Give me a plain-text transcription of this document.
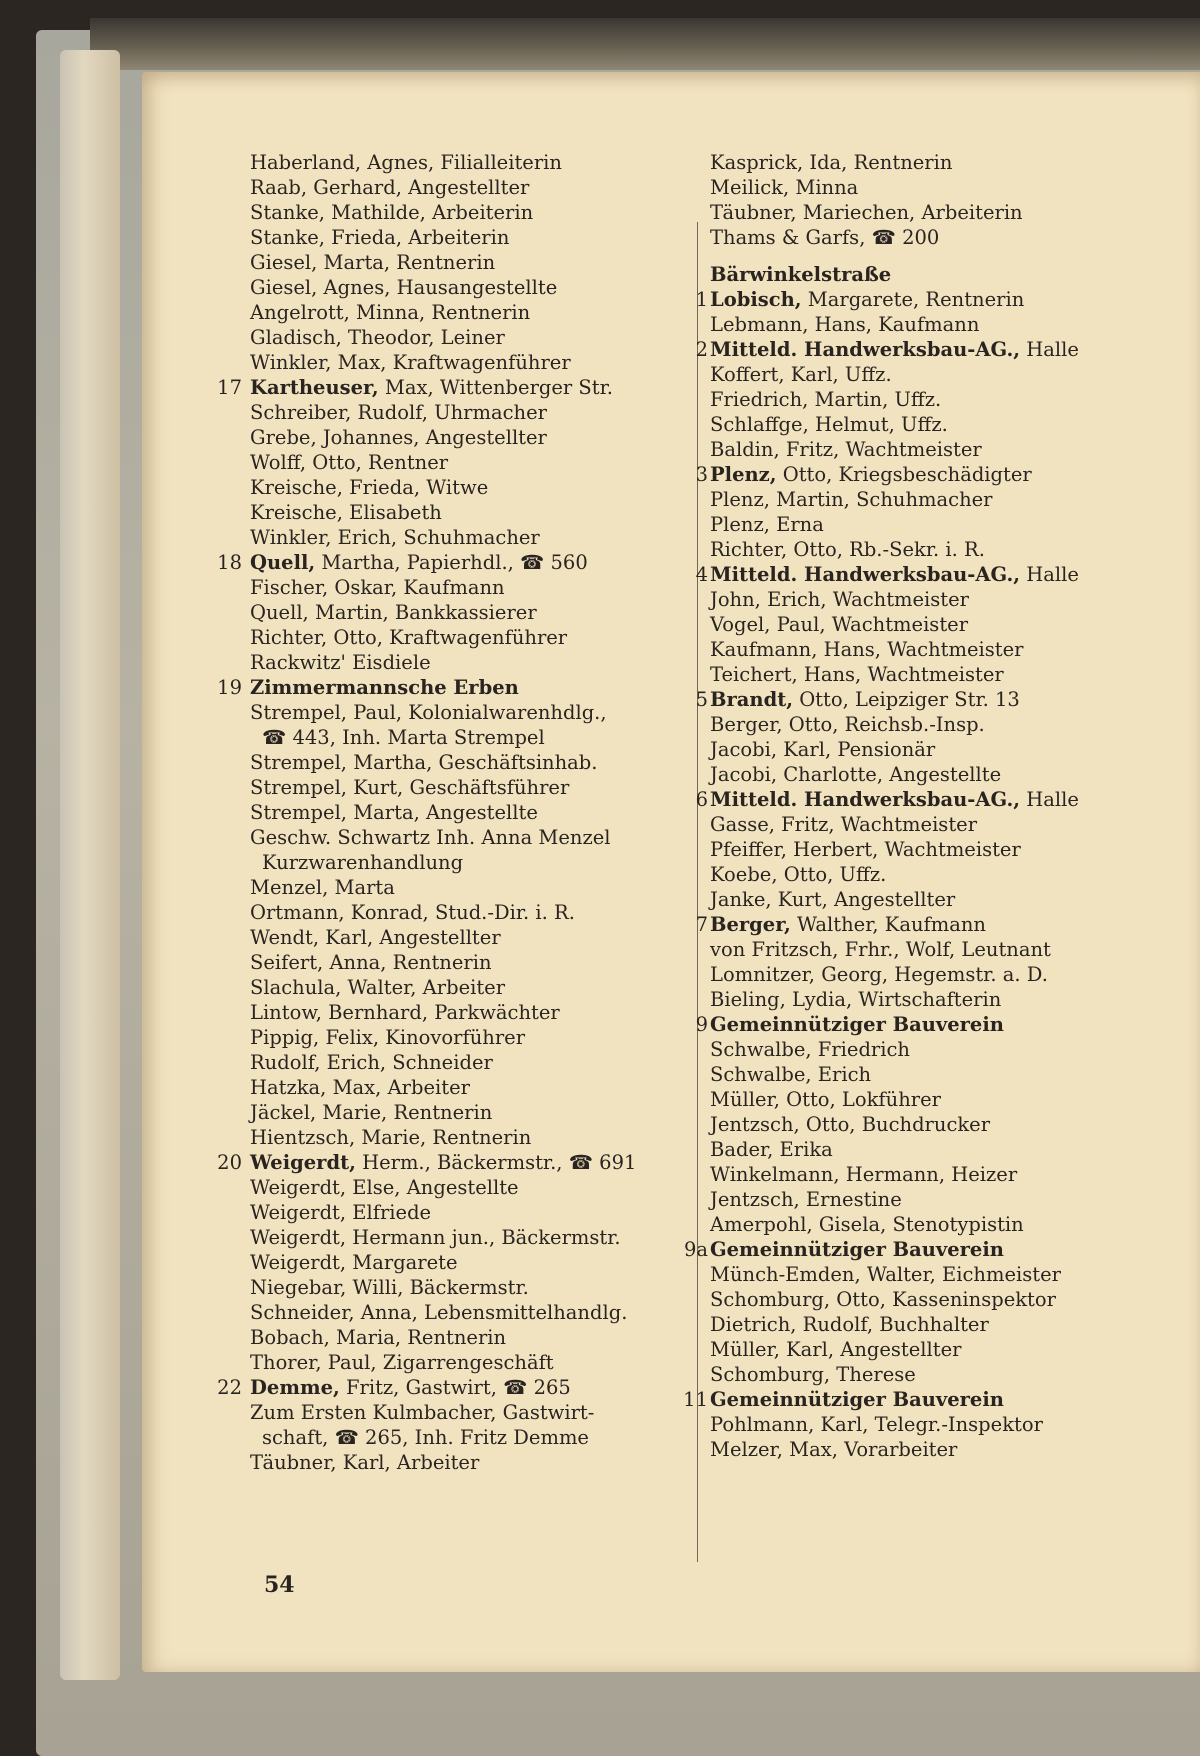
Haberland, Agnes, Filialleiterin
Raab, Gerhard, Angestellter
Stanke, Mathilde, Arbeiterin
Stanke, Frieda, Arbeiterin
Giesel, Marta, Rentnerin
Giesel, Agnes, Hausangestellte
Angelrott, Minna, Rentnerin
Gladisch, Theodor, Leiner
Winkler, Max, Kraftwagenführer
17 Kartheuser, Max, Wittenberger Str.
Schreiber, Rudolf, Uhrmacher
Grebe, Johannes, Angestellter
Wolff, Otto, Rentner
Kreische, Frieda, Witwe
Kreische, Elisabeth
Winkler, Erich, Schuhmacher
18 Quell, Martha, Papierhdl., ☎ 560
Fischer, Oskar, Kaufmann
Quell, Martin, Bankkassierer
Richter, Otto, Kraftwagenführer
Rackwitz' Eisdiele
19 Zimmermannsche Erben
Strempel, Paul, Kolonialwarenhdlg.,
☎ 443, Inh. Marta Strempel
Strempel, Martha, Geschäftsinhab.
Strempel, Kurt, Geschäftsführer
Strempel, Marta, Angestellte
Geschw. Schwartz Inh. Anna Menzel
Kurzwarenhandlung
Menzel, Marta
Ortmann, Konrad, Stud.-Dir. i. R.
Wendt, Karl, Angestellter
Seifert, Anna, Rentnerin
Slachula, Walter, Arbeiter
Lintow, Bernhard, Parkwächter
Pippig, Felix, Kinovorführer
Rudolf, Erich, Schneider
Hatzka, Max, Arbeiter
Jäckel, Marie, Rentnerin
Hientzsch, Marie, Rentnerin
20 Weigerdt, Herm., Bäckermstr., ☎ 691
Weigerdt, Else, Angestellte
Weigerdt, Elfriede
Weigerdt, Hermann jun., Bäckermstr.
Weigerdt, Margarete
Niegebar, Willi, Bäckermstr.
Schneider, Anna, Lebensmittelhandlg.
Bobach, Maria, Rentnerin
Thorer, Paul, Zigarrengeschäft
22 Demme, Fritz, Gastwirt, ☎ 265
Zum Ersten Kulmbacher, Gastwirt-
schaft, ☎ 265, Inh. Fritz Demme
Täubner, Karl, Arbeiter
Kasprick, Ida, Rentnerin
Meilick, Minna
Täubner, Mariechen, Arbeiterin
Thams & Garfs, ☎ 200
Bärwinkelstraße
1 Lobisch, Margarete, Rentnerin
Lebmann, Hans, Kaufmann
2 Mitteld. Handwerksbau-AG., Halle
Koffert, Karl, Uffz.
Friedrich, Martin, Uffz.
Schlaffge, Helmut, Uffz.
Baldin, Fritz, Wachtmeister
3 Plenz, Otto, Kriegsbeschädigter
Plenz, Martin, Schuhmacher
Plenz, Erna
Richter, Otto, Rb.-Sekr. i. R.
4 Mitteld. Handwerksbau-AG., Halle
John, Erich, Wachtmeister
Vogel, Paul, Wachtmeister
Kaufmann, Hans, Wachtmeister
Teichert, Hans, Wachtmeister
5 Brandt, Otto, Leipziger Str. 13
Berger, Otto, Reichsb.-Insp.
Jacobi, Karl, Pensionär
Jacobi, Charlotte, Angestellte
6 Mitteld. Handwerksbau-AG., Halle
Gasse, Fritz, Wachtmeister
Pfeiffer, Herbert, Wachtmeister
Koebe, Otto, Uffz.
Janke, Kurt, Angestellter
7 Berger, Walther, Kaufmann
von Fritzsch, Frhr., Wolf, Leutnant
Lomnitzer, Georg, Hegemstr. a. D.
Bieling, Lydia, Wirtschafterin
9 Gemeinnütziger Bauverein
Schwalbe, Friedrich
Schwalbe, Erich
Müller, Otto, Lokführer
Jentzsch, Otto, Buchdrucker
Bader, Erika
Winkelmann, Hermann, Heizer
Jentzsch, Ernestine
Amerpohl, Gisela, Stenotypistin
9a Gemeinnütziger Bauverein
Münch-Emden, Walter, Eichmeister
Schomburg, Otto, Kasseninspektor
Dietrich, Rudolf, Buchhalter
Müller, Karl, Angestellter
Schomburg, Therese
11 Gemeinnütziger Bauverein
Pohlmann, Karl, Telegr.-Inspektor
Melzer, Max, Vorarbeiter
54
